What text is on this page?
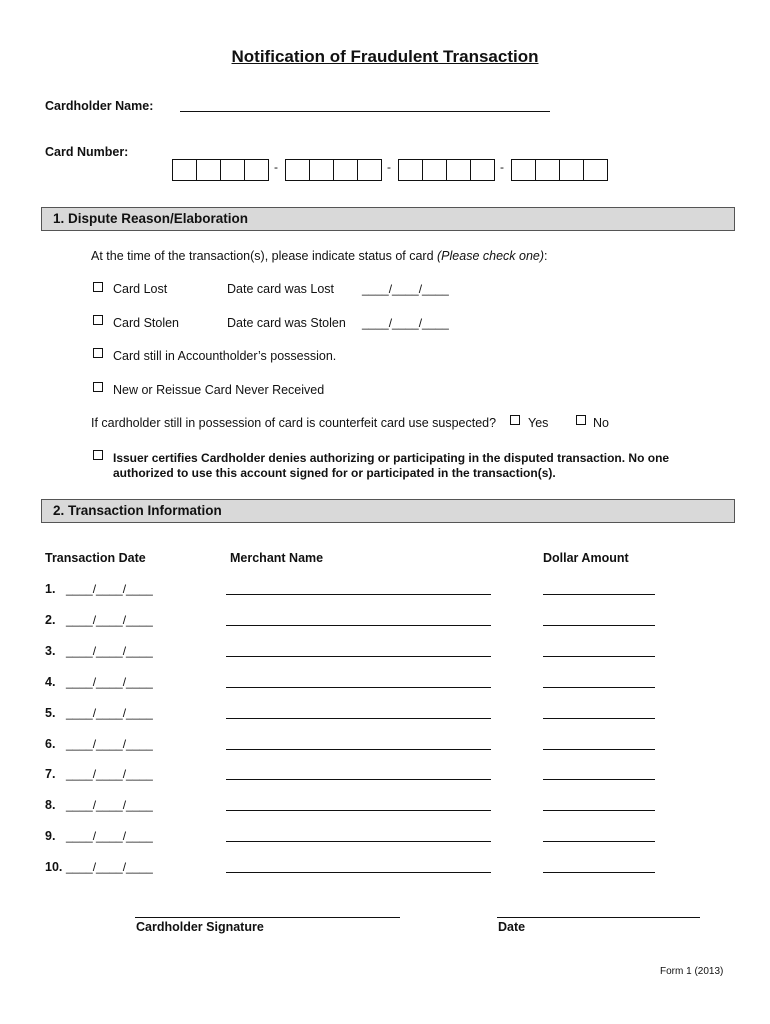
Notification of Fraudulent Transaction
Cardholder Name:
Card Number:
-	-	-
1. Dispute Reason/Elaboration
At the time of the transaction(s), please indicate status of card (Please check one):
Card Lost	Date card was Lost ____/____/____
Card Stolen	Date card was Stolen ____/____/____
Card still in Accountholder’s possession.
New or Reissue Card Never Received
If cardholder still in possession of card is counterfeit card use suspected?	Yes	No
Issuer certifies Cardholder denies authorizing or participating in the disputed transaction. No one
authorized to use this account signed for or participated in the transaction(s).
2. Transaction Information
Transaction Date	Merchant Name	Dollar Amount
1. ____/____/____
2. ____/____/____
3. ____/____/____
4. ____/____/____
5. ____/____/____
6. ____/____/____
7. ____/____/____
8. ____/____/____
9. ____/____/____
10. ____/____/____
Cardholder Signature	Date
Form 1 (2013)
